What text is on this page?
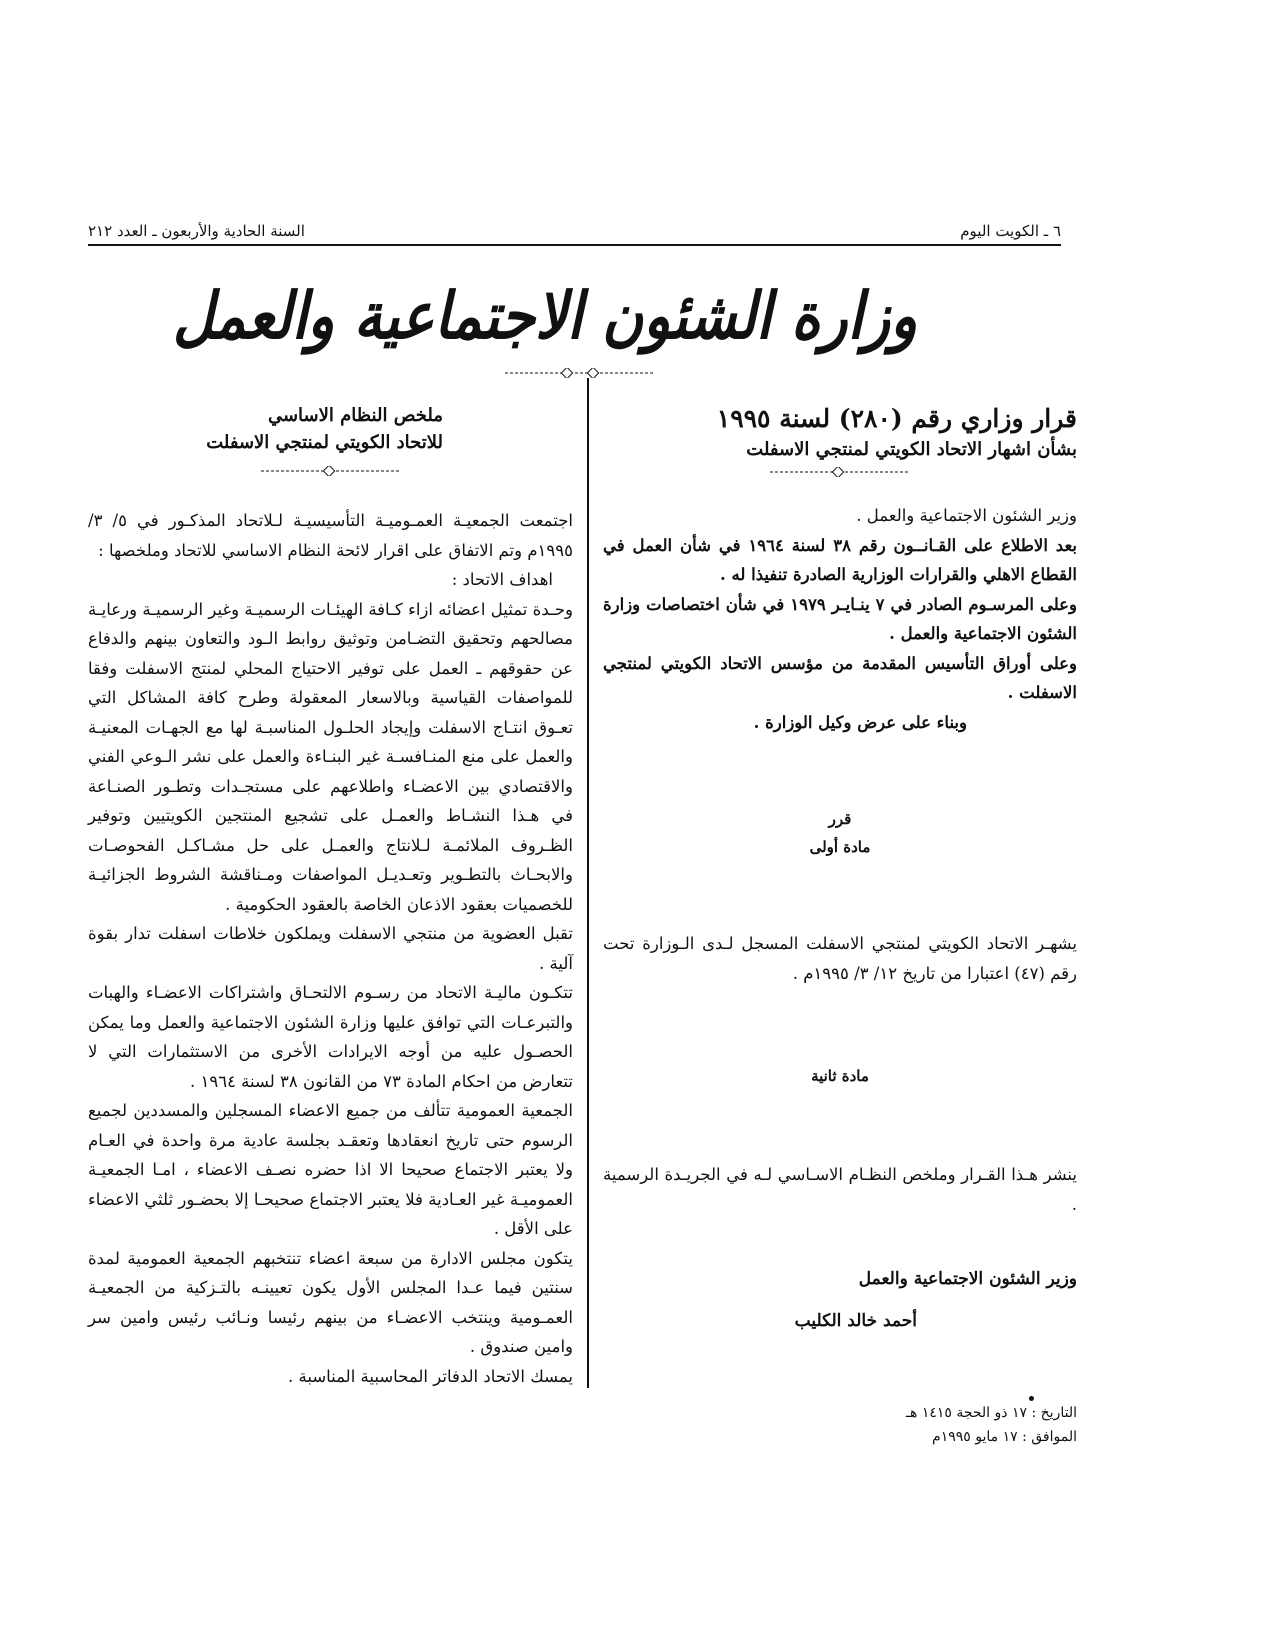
٦ ـ الكويت اليوم
السنة الحادية والأربعون ـ العدد ٢١٢
وزارة الشئون الاجتماعية والعمل
قرار وزاري رقم (٢٨٠) لسنة ١٩٩٥
بشأن اشهار الاتحاد الكويتي لمنتجي الاسفلت

وزير الشئون الاجتماعية والعمل .

بعد الاطلاع على القـانــون رقم ٣٨ لسنة ١٩٦٤ في شأن العمل في القطاع الاهلي والقرارات الوزارية الصادرة تنفيذا له .

وعلى المرسـوم الصادر في ٧ ينـايـر ١٩٧٩ في شأن اختصاصات وزارة الشئون الاجتماعية والعمل .

وعلى أوراق التأسيس المقدمة من مؤسس الاتحاد الكويتي لمنتجي الاسفلت .

وبناء على عرض وكيل الوزارة .

قرر

مادة أولى

يشهـر الاتحاد الكويتي لمنتجي الاسفلت المسجل لـدى الـوزارة تحت رقم (٤٧) اعتبارا من تاريخ ١٢/ ٣/ ١٩٩٥م .

مادة ثانية

ينشر هـذا القـرار وملخص النظـام الاسـاسي لـه في الجريـدة الرسمية .

وزير الشئون الاجتماعية والعمل

أحمد خالد الكليب

التاريخ : ١٧ ذو الحجة ١٤١٥ هـ

الموافق : ١٧ مايو ١٩٩٥م

ملخص النظام الاساسي
للاتحاد الكويتي لمنتجي الاسفلت

اجتمعت الجمعيـة العمـوميـة التأسيسيـة لـلاتحاد المذكـور في ٥/ ٣/ ١٩٩٥م وتم الاتفاق على اقرار لائحة النظام الاساسي للاتحاد وملخصها :

اهداف الاتحاد :

وحـدة تمثيل اعضائه ازاء كـافة الهيئـات الرسميـة وغير الرسميـة ورعايـة مصالحهم وتحقيق التضـامن وتوثيق روابط الـود والتعاون بينهم والدفاع عن حقوقهم ـ العمل على توفير الاحتياج المحلي لمنتج الاسفلت وفقا للمواصفات القياسية وبالاسعار المعقولة وطرح كافة المشاكل التي تعـوق انتـاج الاسفلت وإيجاد الحلـول المناسبـة لها مع الجهـات المعنيـة والعمل على منع المنـافسـة غير البنـاءة والعمل على نشر الـوعي الفني والاقتصادي بين الاعضـاء واطلاعهم على مستجـدات وتطـور الصنـاعة في هـذا النشـاط والعمـل على تشجيع المنتجين الكويتيين وتوفير الظـروف الملائمـة لـلانتاج والعمـل على حل مشـاكـل الفحوصـات والابحـاث بالتطـوير وتعـديـل المواصفات ومـناقشة الشروط الجزائيـة للخصميات بعقود الاذعان الخاصة بالعقود الحكومية .

تقبل العضوية من منتجي الاسفلت ويملكون خلاطات اسفلت تدار بقوة آلية .

تتكـون ماليـة الاتحاد من رسـوم الالتحـاق واشتراكات الاعضـاء والهبات والتبرعـات التي توافق عليها وزارة الشئون الاجتماعية والعمل وما يمكن الحصـول عليه من أوجه الايرادات الأخرى من الاستثمارات التي لا تتعارض من احكام المادة ٧٣ من القانون ٣٨ لسنة ١٩٦٤ .

الجمعية العمومية تتألف من جميع الاعضاء المسجلين والمسددين لجميع الرسوم حتى تاريخ انعقادها وتعقـد بجلسة عادية مرة واحدة في العـام ولا يعتبر الاجتماع صحيحا الا اذا حضره نصـف الاعضاء ، امـا الجمعيـة العموميـة غير العـادية فلا يعتبر الاجتماع صحيحـا إلا بحضـور ثلثي الاعضاء على الأقل .

يتكون مجلس الادارة من سبعة اعضاء تنتخبهم الجمعية العمومية لمدة سنتين فيما عـدا المجلس الأول يكون تعيينـه بالتـزكية من الجمعيـة العمـومية وينتخب الاعضـاء من بينهم رئيسا ونـائب رئيس وامين سر وامين صندوق .

يمسك الاتحاد الدفاتر المحاسبية المناسبة .
